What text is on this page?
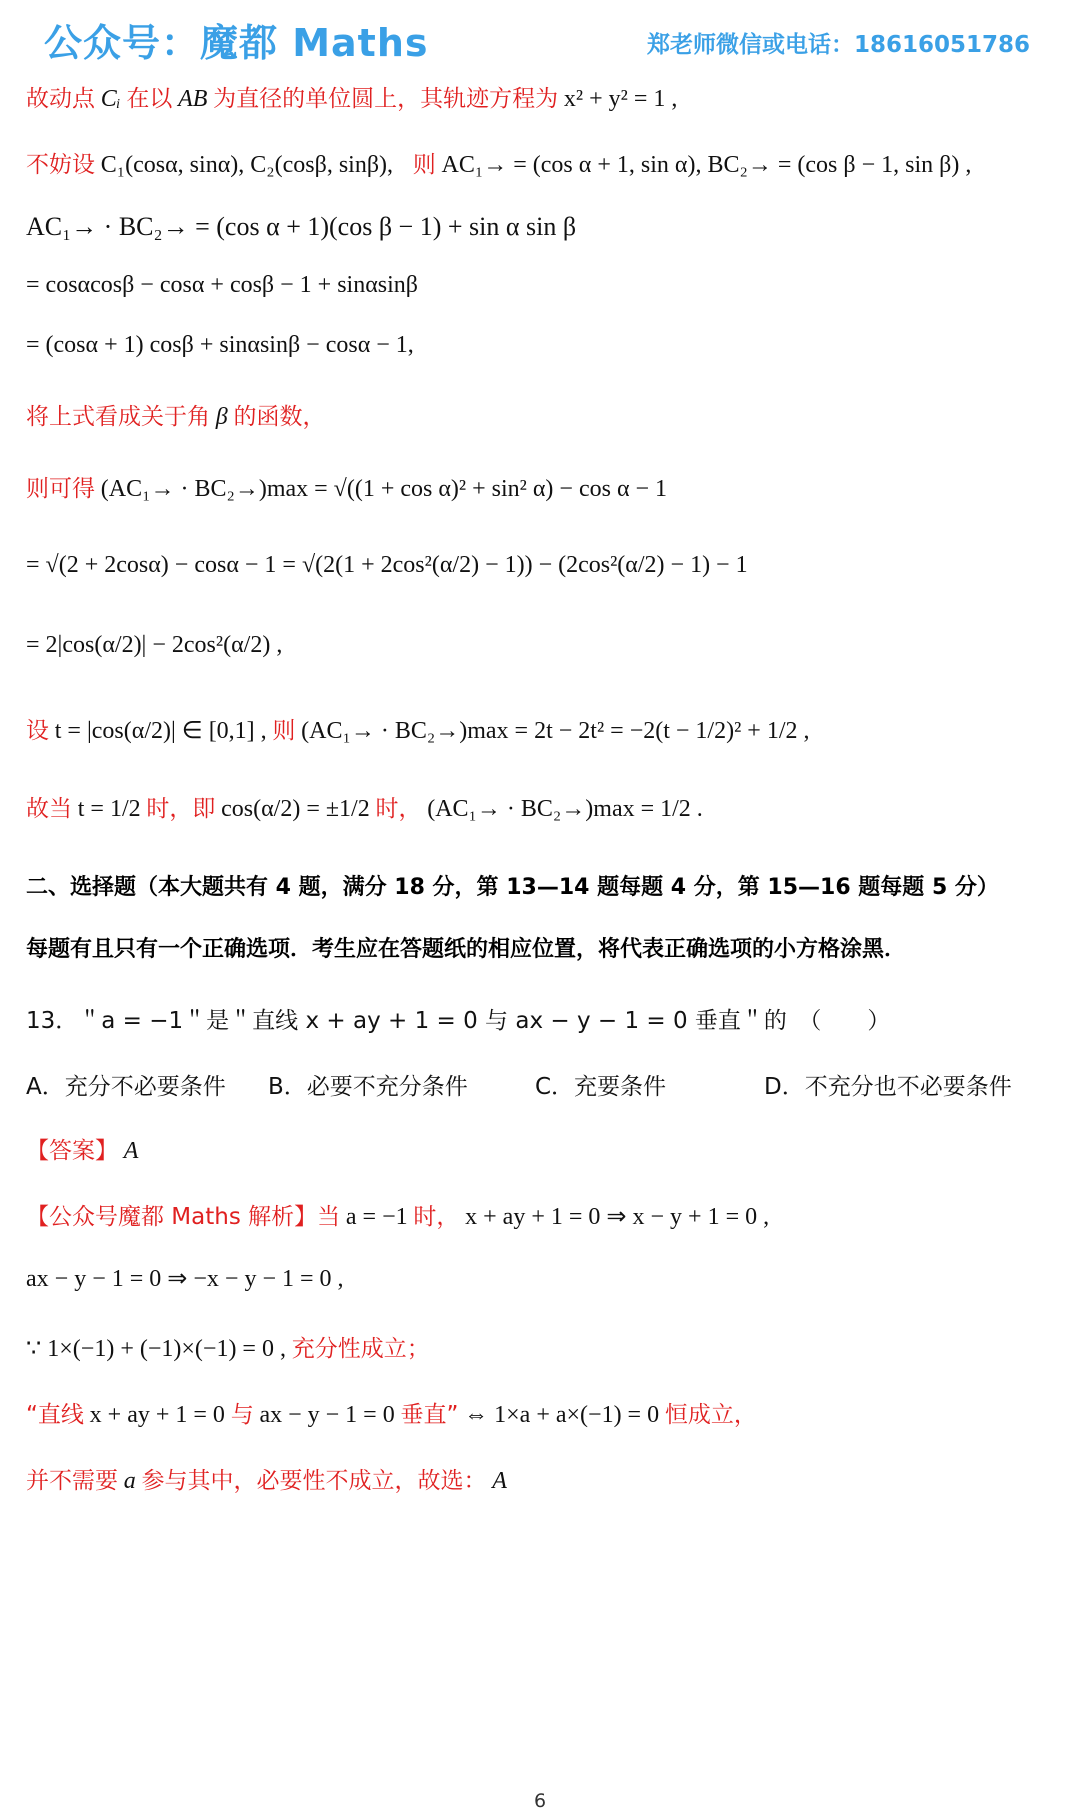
公众号：魔都 Maths	郑老师微信或电话：18616051786
故动点 Cᵢ 在以 AB 为直径的单位圆上，其轨迹方程为 x² + y² = 1 ,
不妨设 C₁(cosα, sinα), C₂(cosβ, sinβ), 则 AC₁→ = (cos α + 1, sin α), BC₂→ = (cos β − 1, sin β) ,
AC₁→ · BC₂→ = (cos α + 1)(cos β − 1) + sin α sin β
= cosαcosβ − cosα + cosβ − 1 + sinαsinβ
= (cosα + 1) cosβ + sinαsinβ − cosα − 1,
将上式看成关于角 β 的函数，
则可得 (AC₁→ · BC₂→)max = √((1 + cos α)² + sin² α) − cos α − 1
= √(2 + 2cosα) − cosα − 1 = √(2(1 + 2cos²(α/2) − 1)) − (2cos²(α/2) − 1) − 1
= 2|cos(α/2)| − 2cos²(α/2) ,
设 t = |cos(α/2)| ∈ [0,1] , 则 (AC₁→ · BC₂→)max = 2t − 2t² = −2(t − 1/2)² + 1/2 ,
故当 t = 1/2 时，即 cos(α/2) = ±1/2 时， (AC₁→ · BC₂→)max = 1/2 .
二、选择题（本大题共有 4 题，满分 18 分，第 13—14 题每题 4 分，第 15—16 题每题 5 分）
每题有且只有一个正确选项．考生应在答题纸的相应位置，将代表正确选项的小方格涂黑．
13．＂a = −1＂是＂直线 x + ay + 1 = 0 与 ax − y − 1 = 0 垂直＂的　（　　）
A．充分不必要条件 B．必要不充分条件	C．充要条件	D．不充分也不必要条件
【答案】 A
【公众号魔都 Maths 解析】当 a = −1 时， x + ay + 1 = 0 ⇒ x − y + 1 = 0 ,
ax − y − 1 = 0 ⇒ −x − y − 1 = 0 ,
∵ 1×(−1) + (−1)×(−1) = 0 , 充分性成立；
“直线 x + ay + 1 = 0 与 ax − y − 1 = 0 垂直” ⇔ 1×a + a×(−1) = 0 恒成立，
并不需要 a 参与其中，必要性不成立，故选： A
6
